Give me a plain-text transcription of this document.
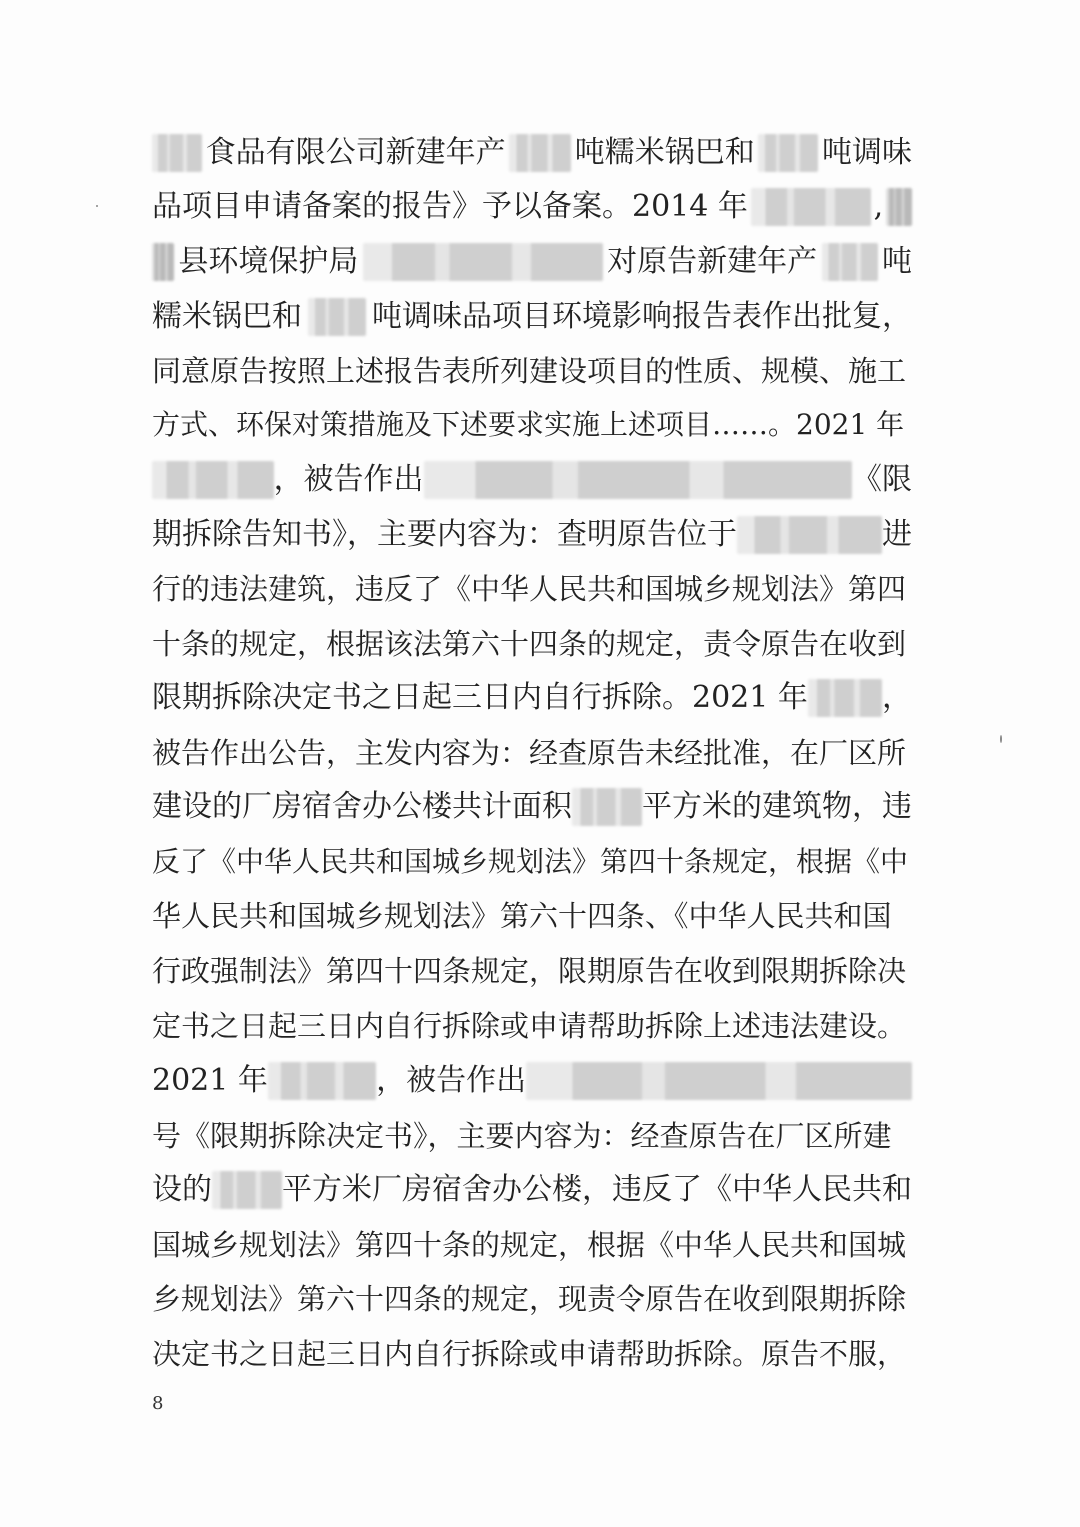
食品有限公司新建年产 吨糯米锅巴和 吨调味
品项目申请备案的报告》予以备案。2014 年	,
县环境保护局	对原告新建年产 吨
糯米锅巴和 吨调味品项目环境影响报告表作出批复，
同意原告按照上述报告表所列建设项目的性质、规模、施工
方式、环保对策措施及下述要求实施上述项目……。2021 年
，被告作出	《限
期拆除告知书》，主要内容为：查明原告位于	进
行的违法建筑，违反了《中华人民共和国城乡规划法》第四
十条的规定，根据该法第六十四条的规定，责令原告在收到
限期拆除决定书之日起三日内自行拆除。2021 年 ，
被告作出公告，主发内容为：经查原告未经批准，在厂区所
建设的厂房宿舍办公楼共计面积 平方米的建筑物，违
反了《中华人民共和国城乡规划法》第四十条规定，根据《中
华人民共和国城乡规划法》第六十四条、《中华人民共和国
行政强制法》第四十四条规定，限期原告在收到限期拆除决
定书之日起三日内自行拆除或申请帮助拆除上述违法建设。
2021 年	，被告作出
号《限期拆除决定书》，主要内容为：经查原告在厂区所建
设的 平方米厂房宿舍办公楼，违反了《中华人民共和
国城乡规划法》第四十条的规定，根据《中华人民共和国城
乡规划法》第六十四条的规定，现责令原告在收到限期拆除
决定书之日起三日内自行拆除或申请帮助拆除。原告不服，
8
